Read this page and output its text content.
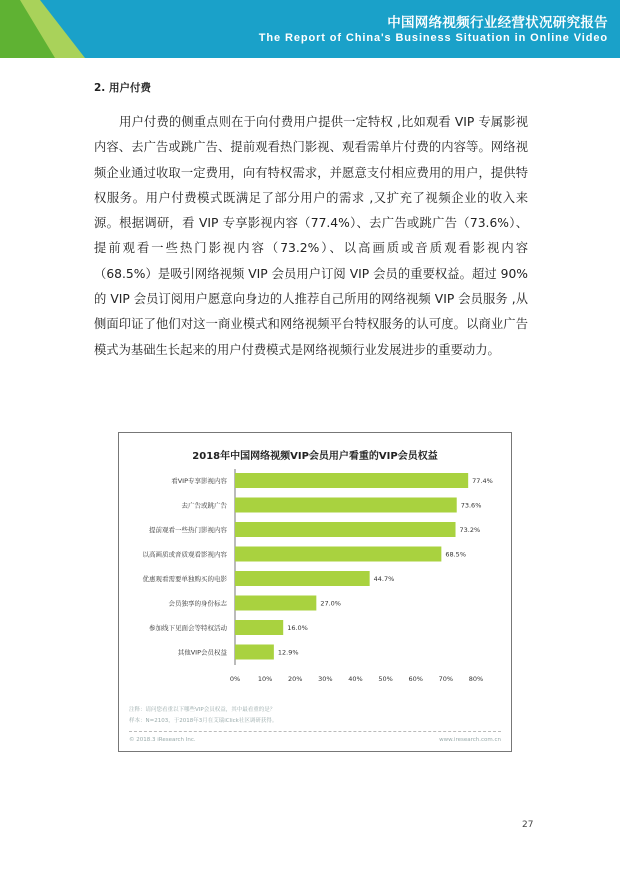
中国网络视频行业经营状况研究报告
The Report of China's Business Situation in Online Video
2. 用户付费

用户付费的侧重点则在于向付费用户提供一定特权 ,比如观看 VIP 专属影视内容、去广告或跳广告、提前观看热门影视、观看需单片付费的内容等。网络视频企业通过收取一定费用，向有特权需求，并愿意支付相应费用的用户，提供特权服务。用户付费模式既满足了部分用户的需求 ,又扩充了视频企业的收入来源。根据调研，看 VIP 专享影视内容（77.4%）、去广告或跳广告（73.6%）、提前观看一些热门影视内容（73.2%）、以高画质或音质观看影视内容（68.5%）是吸引网络视频 VIP 会员用户订阅 VIP 会员的重要权益。超过 90%的 VIP 会员订阅用户愿意向身边的人推荐自己所用的网络视频 VIP 会员服务 ,从侧面印证了他们对这一商业模式和网络视频平台特权服务的认可度。以商业广告模式为基础生长起来的用户付费模式是网络视频行业发展进步的重要动力。

2018年中国网络视频VIP会员用户看重的VIP会员权益
看VIP专享影视内容	77.4%
去广告或跳广告	73.6%
提前观看一些热门影视内容	73.2%
以高画质或音质观看影视内容	68.5%
优惠观看需要单独购买的电影	44.7%
会员独享的身份标志	27.0%
参加线下见面会等特权活动	16.0%
其他VIP会员权益	12.9%
0%	10% 20% 30% 40% 50% 60% 70% 80%
注释：请问您看重以下哪些VIP会员权益，其中最看重的是？
样本：N=2103，于2018年3月在艾瑞iClick社区调研获得。
© 2018.3 iResearch Inc.	www.iresearch.com.cn
27
